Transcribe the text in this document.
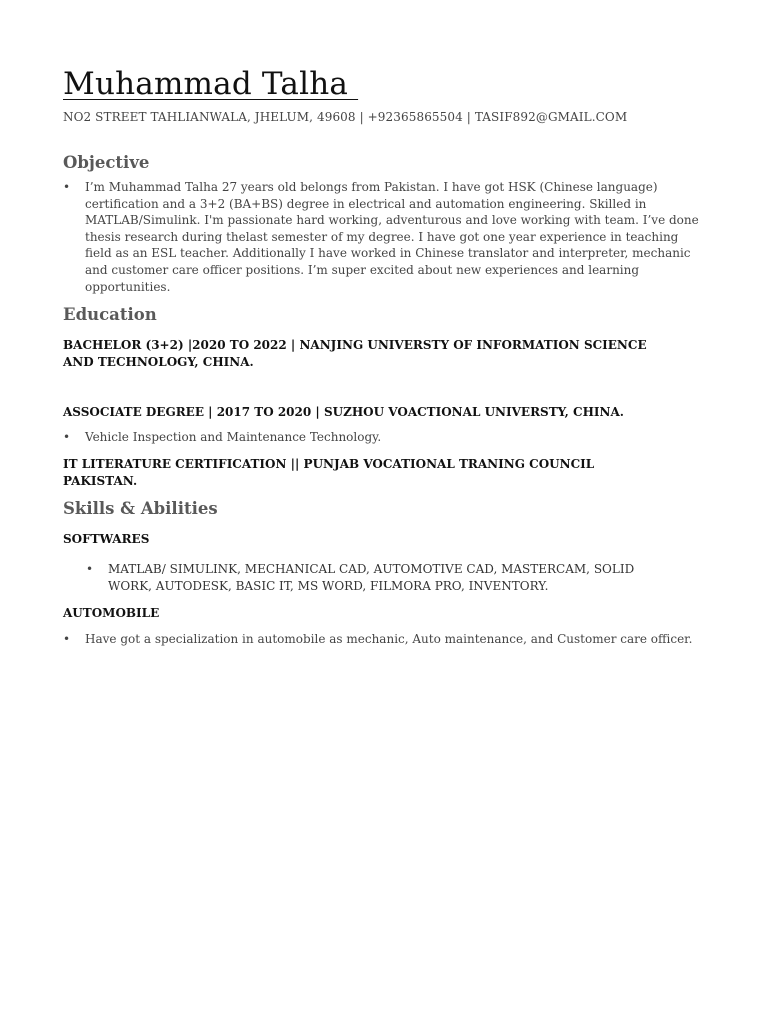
Muhammad Talha
NO2 STREET TAHLIANWALA, JHELUM, 49608 | +92365865504 | TASIF892@GMAIL.COM
Objective
• I’m Muhammad Talha 27 years old belongs from Pakistan. I have got HSK (Chinese language) certification and a 3+2 (BA+BS) degree in electrical and automation engineering. Skilled in MATLAB/Simulink. I'm passionate hard working, adventurous and love working with team. I’ve done thesis research during thelast semester of my degree. I have got one year experience in teaching field as an ESL teacher. Additionally I have worked in Chinese translator and interpreter, mechanic and customer care officer positions. I’m super excited about new experiences and learning opportunities.
Education
BACHELOR (3+2) |2020 TO 2022 | NANJING UNIVERSTY OF INFORMATION SCIENCE AND TECHNOLOGY, CHINA.
ASSOCIATE DEGREE | 2017 TO 2020 | SUZHOU VOACTIONAL UNIVERSTY, CHINA.
• Vehicle Inspection and Maintenance Technology.
IT LITERATURE CERTIFICATION || PUNJAB VOCATIONAL TRANING COUNCIL PAKISTAN.
Skills & Abilities
SOFTWARES
• MATLAB/ SIMULINK, MECHANICAL CAD, AUTOMOTIVE CAD, MASTERCAM, SOLID WORK, AUTODESK, BASIC IT, MS WORD, FILMORA PRO, INVENTORY.
AUTOMOBILE
• Have got a specialization in automobile as mechanic, Auto maintenance, and Customer care officer.
